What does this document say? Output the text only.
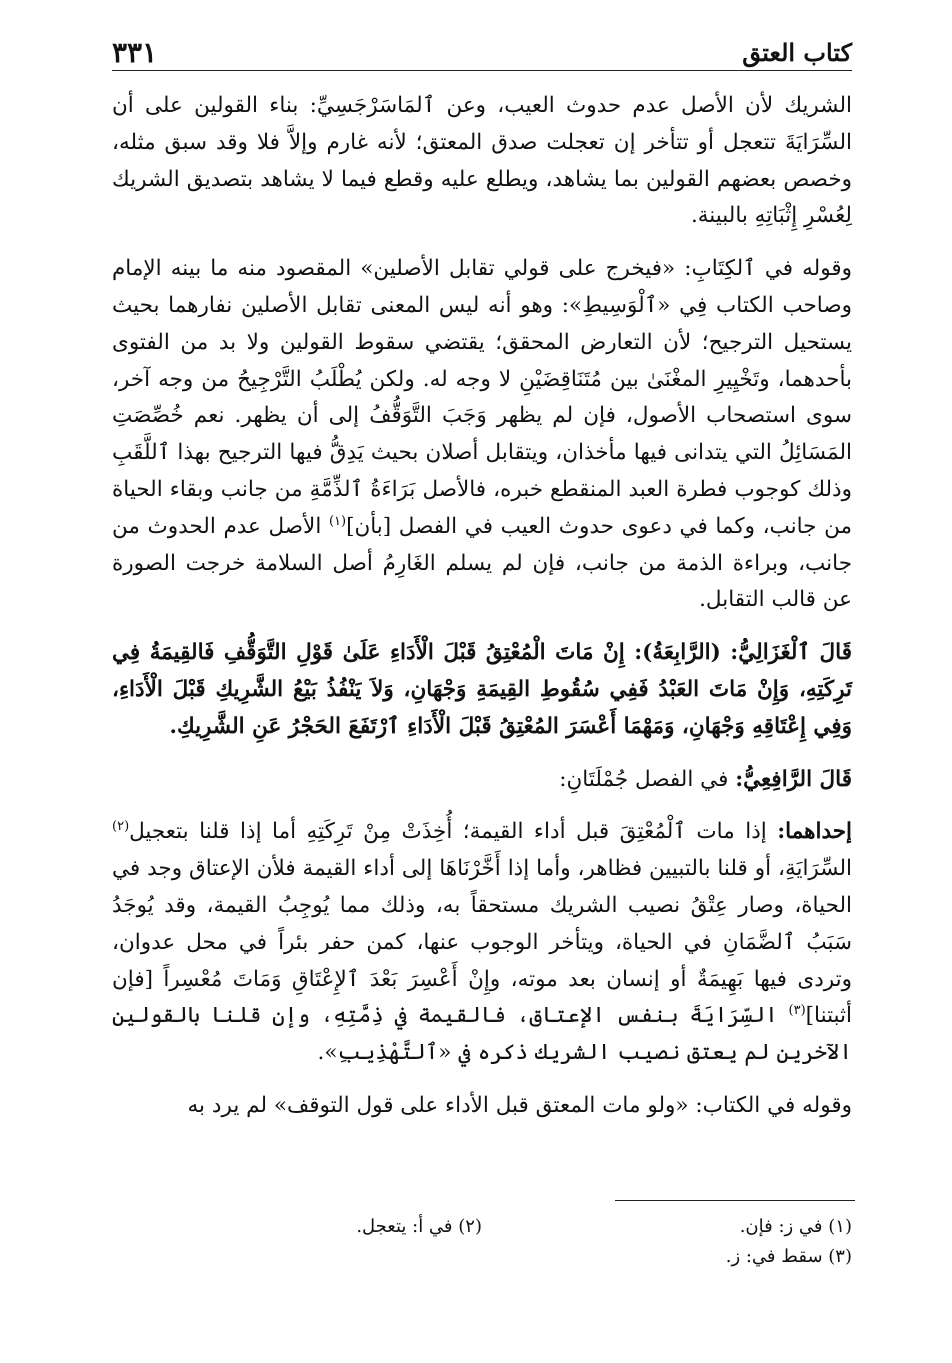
كتاب العتق
٣٣١

الشريك لأن الأصل عدم حدوث العيب، وعن ٱلمَاسَرْجَسِيِّ: بناء القولين على أن السِّرَايَةَ تتعجل أو تتأخر إن تعجلت صدق المعتق؛ لأنه غارم وإلاَّ فلا وقد سبق مثله، وخصص بعضهم القولين بما يشاهد، ويطلع عليه وقطع فيما لا يشاهد بتصديق الشريك لِعُسْرِ إِثْبَاتِهِ بالبينة.

وقوله في ٱلكِتَابِ: «فيخرج على قولي تقابل الأصلين» المقصود منه ما بينه الإمام وصاحب الكتاب فِي «ٱلْوَسِيطِ»: وهو أنه ليس المعنى تقابل الأصلين نفارهما بحيث يستحيل الترجيح؛ لأن التعارض المحقق؛ يقتضي سقوط القولين ولا بد من الفتوى بأحدهما، وتَخْيِيرِ المغْنَىٰ بين مُتَنَاقِضَيْنِ لا وجه له. ولكن يُطْلَبُ التَّرْجِيحُ من وجه آخر، سوى استصحاب الأصول، فإن لم يظهر وَجَبَ التَّوَقُّفُ إلى أن يظهر. نعم خُصِّصَتِ المَسَائِلُ التي يتدانى فيها مأخذان، ويتقابل أصلان بحيث يَدِقُّ فيها الترجيح بهذا ٱللَّقَبِ وذلك كوجوب فطرة العبد المنقطع خبره، فالأصل بَرَاءَةُ ٱلذِّمَّةِ من جانب وبقاء الحياة من جانب، وكما في دعوى حدوث العيب في الفصل [بأن]$^{(١)}$ الأصل عدم الحدوث من جانب، وبراءة الذمة من جانب، فإن لم يسلم الغَارِمُ أصل السلامة خرجت الصورة عن قالب التقابل.

قَالَ ٱلْغَزَالِيُّ: (الرَّابِعَةُ): إِنْ مَاتَ الْمُعْتِقُ قَبْلَ الْأَدَاءِ عَلَىٰ قَوْلِ التَّوَقُّفِ فَالقِيمَةُ فِي تَرِكَتِهِ، وَإِنْ مَاتَ العَبْدُ فَفِي سُقُوطِ القِيمَةِ وَجْهَانِ، وَلاَ يَنْفُذُ بَيْعُ الشَّرِيكِ قَبْلَ الْأَدَاءِ، وَفِي إِعْتَاقِهِ وَجْهَانِ، وَمَهْمَا أَعْسَرَ المُعْتِقُ قَبْلَ الْأَدَاءِ ٱرْتَفَعَ الحَجْرُ عَنِ الشَّرِيكِ.

قَالَ الرَّافِعِيُّ: في الفصل جُمْلَتَانِ:

إحداهما: إذا مات ٱلْمُعْتِقَ قبل أداء القيمة؛ أُخِذَتْ مِنْ تَرِكَتِهِ أما إذا قلنا بتعجيل$^{(٢)}$ السِّرَايَةِ، أو قلنا بالتبيين فظاهر، وأما إذا أَخَّرْنَاهَا إلى أداء القيمة فلأن الإعتاق وجد في الحياة، وصار عِتْقُ نصيب الشريك مستحقاً به، وذلك مما يُوجِبُ القيمة، وقد يُوجَدُ سَبَبُ ٱلضَّمَانِ في الحياة، ويتأخر الوجوب عنها، كمن حفر بئراً في محل عدوان، وتردى فيها بَهِيمَةٌ أو إنسان بعد موته، وإِنْ أَعْسِرَ بَعْدَ ٱلإِعْتَاقِ وَمَاتَ مُعْسِراً [فإن أثبتنا]$^{(٣)}$ السِّرَايَةَ بنفس الإعتاق، فالقيمة في ذِمَّتِهِ، وإن قلنا بالقولين الآخرين لم يعتق نصيب الشريك ذكره في «ٱلتَّهْذِيبِ».

وقوله في الكتاب: «ولو مات المعتق قبل الأداء على قول التوقف» لم يرد به

(١) في ز: فإن.
(٢) في أ: يتعجل.
(٣) سقط في: ز.
